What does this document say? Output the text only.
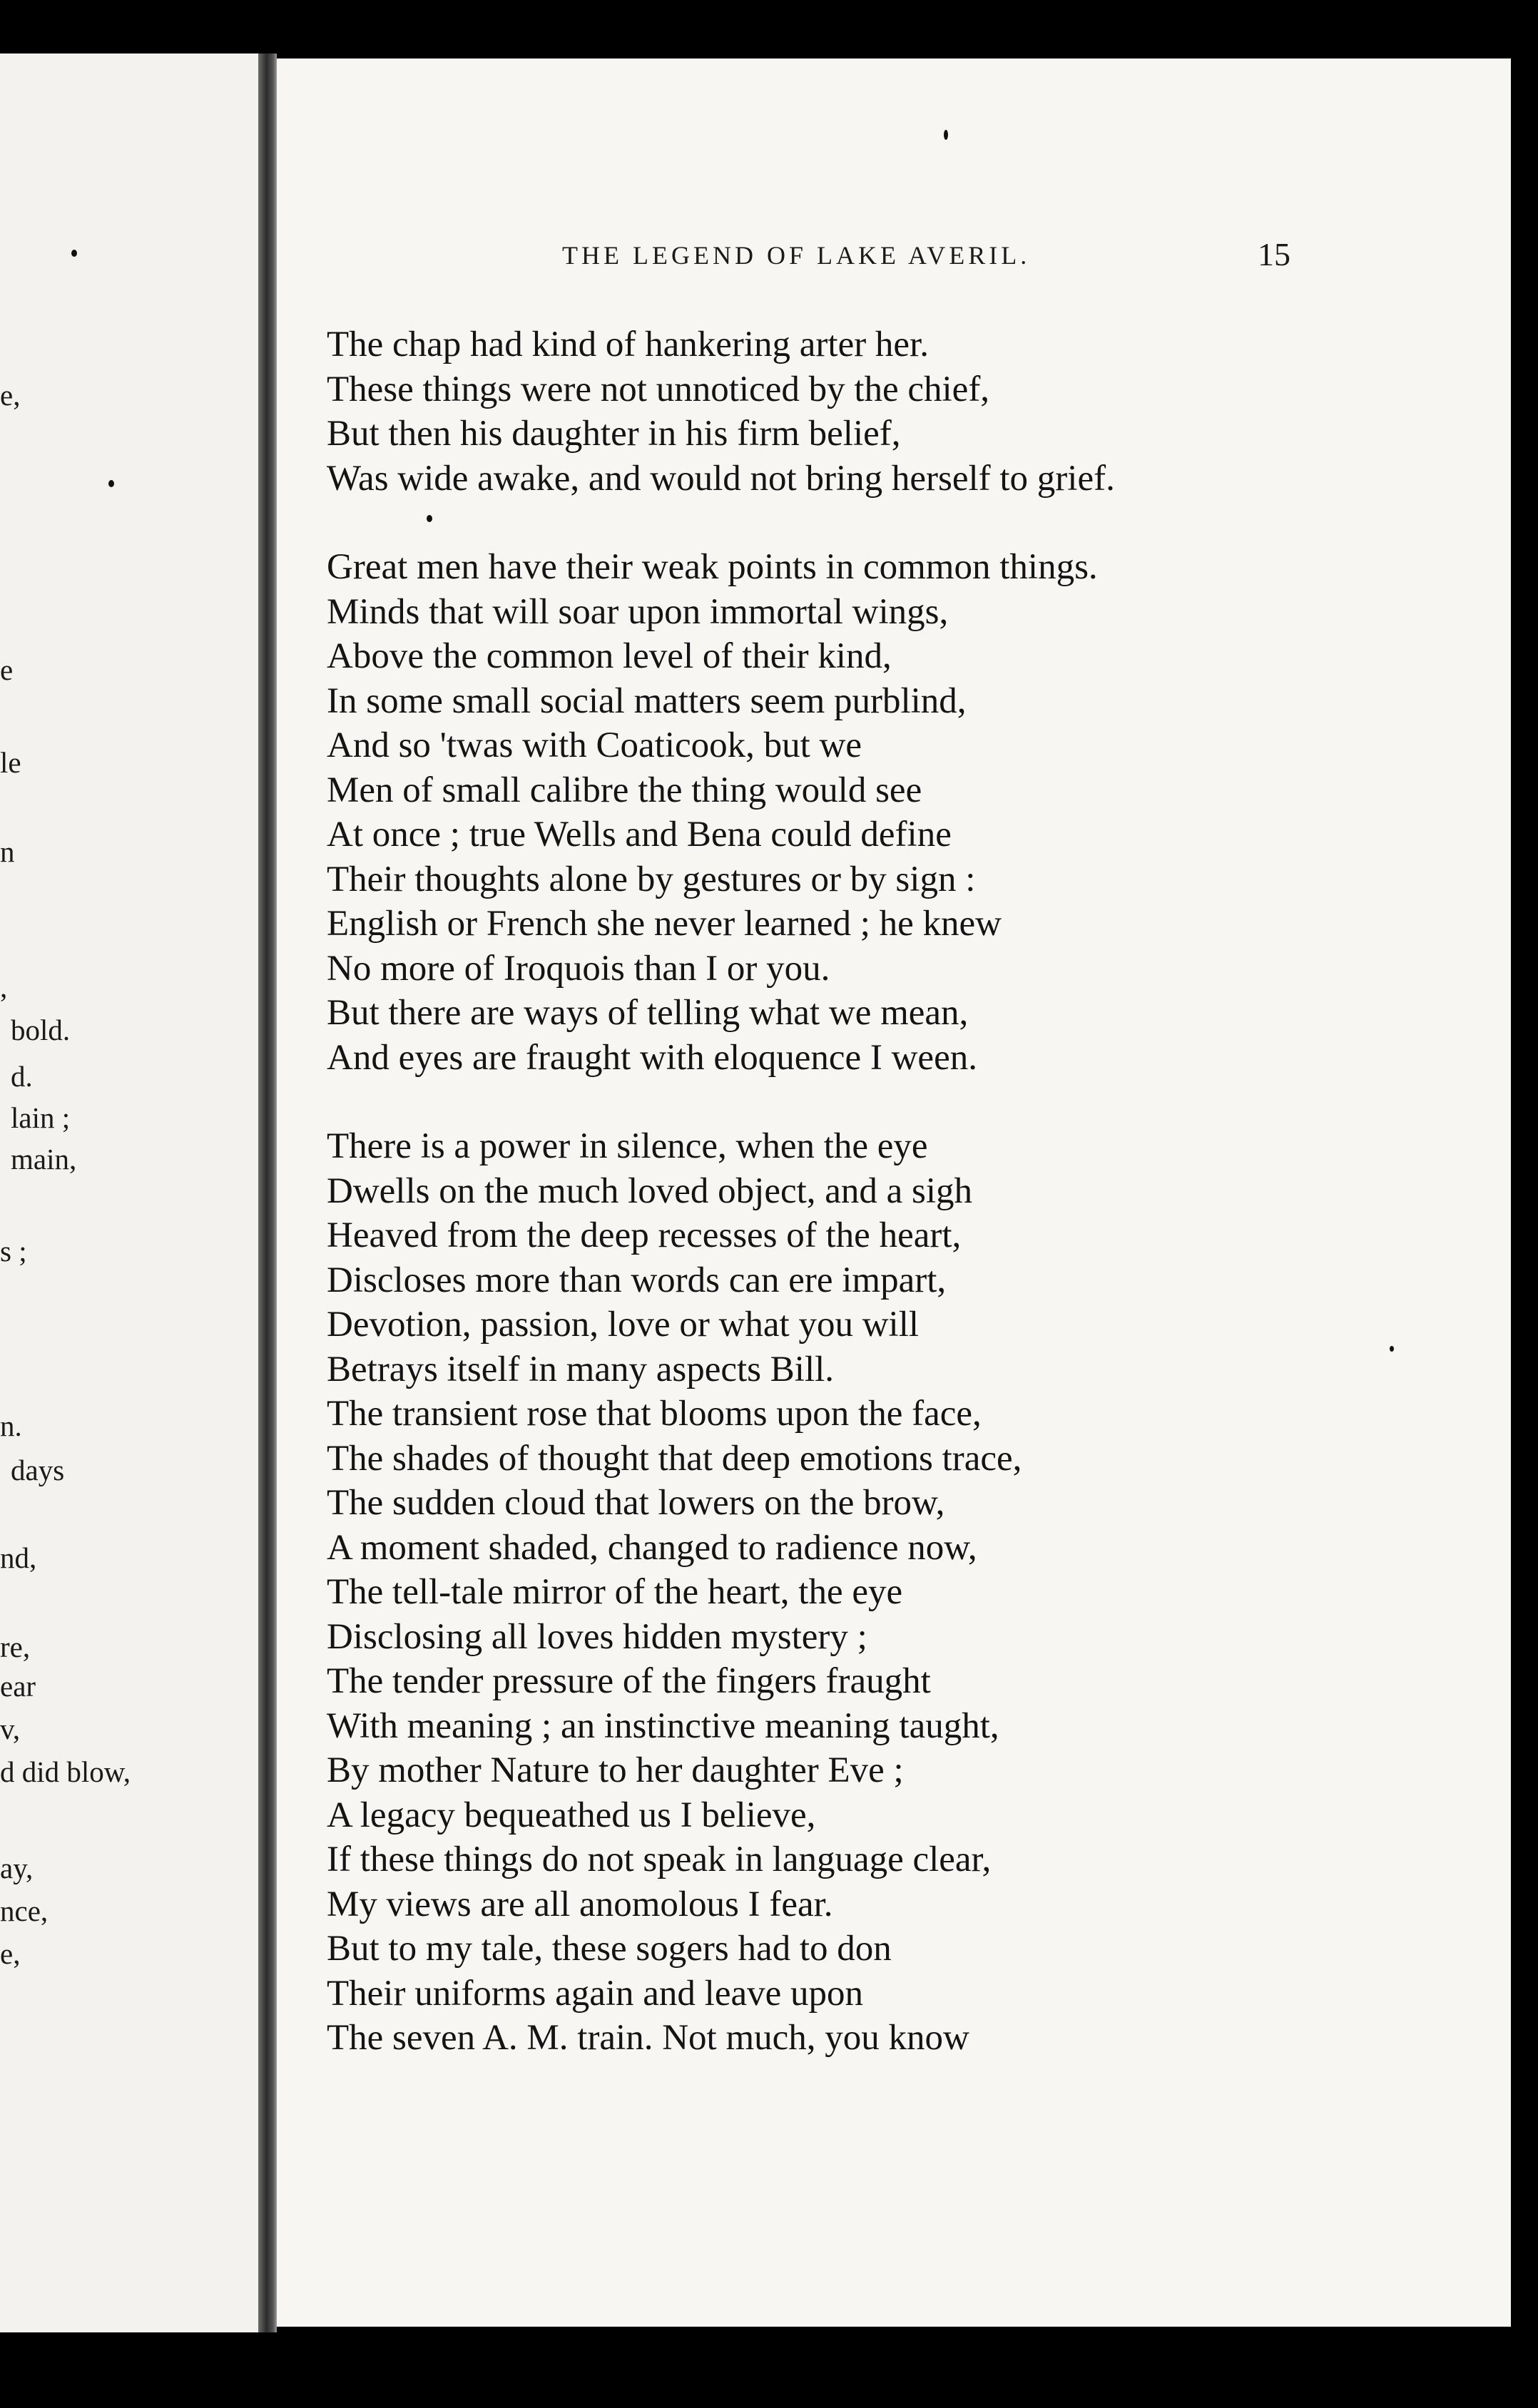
e,
e
le
n
,
bold.
d.
lain ;
main,
s ;
n.
days
nd,
re,
ear
v,
d did blow,
ay,
nce,
e,
THE LEGEND OF LAKE AVERIL.	15
The chap had kind of hankering arter her.
These things were not unnoticed by the chief,
But then his daughter in his firm belief,
Was wide awake, and would not bring herself to grief.
Great men have their weak points in common things.
Minds that will soar upon immortal wings,
Above the common level of their kind,
In some small social matters seem purblind,
And so 'twas with Coaticook, but we
Men of small calibre the thing would see
At once ; true Wells and Bena could define
Their thoughts alone by gestures or by sign :
English or French she never learned ; he knew
No more of Iroquois than I or you.
But there are ways of telling what we mean,
And eyes are fraught with eloquence I ween.
There is a power in silence, when the eye
Dwells on the much loved object, and a sigh
Heaved from the deep recesses of the heart,
Discloses more than words can ere impart,
Devotion, passion, love or what you will
Betrays itself in many aspects Bill.
The transient rose that blooms upon the face,
The shades of thought that deep emotions trace,
The sudden cloud that lowers on the brow,
A moment shaded, changed to radience now,
The tell-tale mirror of the heart, the eye
Disclosing all loves hidden mystery ;
The tender pressure of the fingers fraught
With meaning ; an instinctive meaning taught,
By mother Nature to her daughter Eve ;
A legacy bequeathed us I believe,
If these things do not speak in language clear,
My views are all anomolous I fear.
But to my tale, these sogers had to don
Their uniforms again and leave upon
The seven A. M. train. Not much, you know
